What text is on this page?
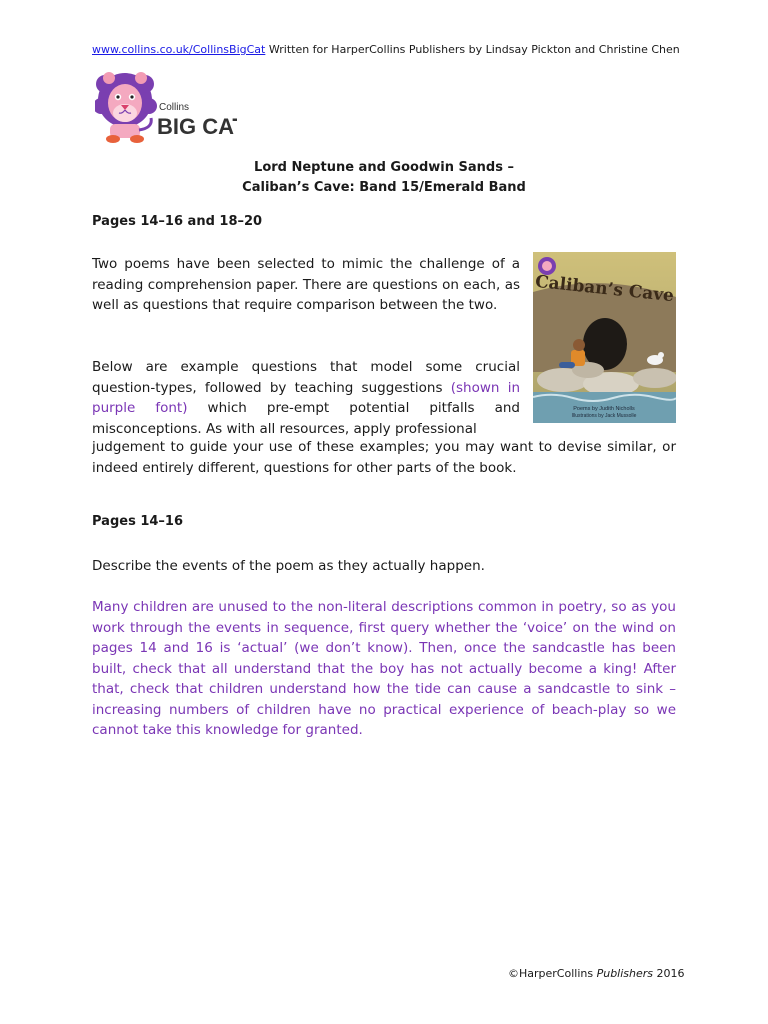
www.collins.co.uk/CollinsBigCat Written for HarperCollins Publishers by Lindsay Pickton and Christine Chen
Collins
BIG CAT
Lord Neptune and Goodwin Sands –
Caliban’s Cave: Band 15/Emerald Band
Pages 14–16 and 18–20
Two poems have been selected to mimic the challenge of a reading comprehension paper. There are questions on each, as well as questions that require comparison between the two.
Below are example questions that model some crucial question-types, followed by teaching suggestions (shown in purple font) which pre-empt potential pitfalls and misconceptions. As with all resources, apply professional
judgement to guide your use of these examples; you may want to devise similar, or indeed entirely different, questions for other parts of the book.
Caliban’s Cave
Poems by Judith Nicholls
Illustrations by Jack Mussolle
Pages 14–16
Describe the events of the poem as they actually happen.
Many children are unused to the non-literal descriptions common in poetry, so as you work through the events in sequence, first query whether the ‘voice’ on the wind on pages 14 and 16 is ‘actual’ (we don’t know). Then, once the sandcastle has been built, check that all understand that the boy has not actually become a king! After that, check that children understand how the tide can cause a sandcastle to sink – increasing numbers of children have no practical experience of beach-play so we cannot take this knowledge for granted.
©HarperCollins Publishers 2016
